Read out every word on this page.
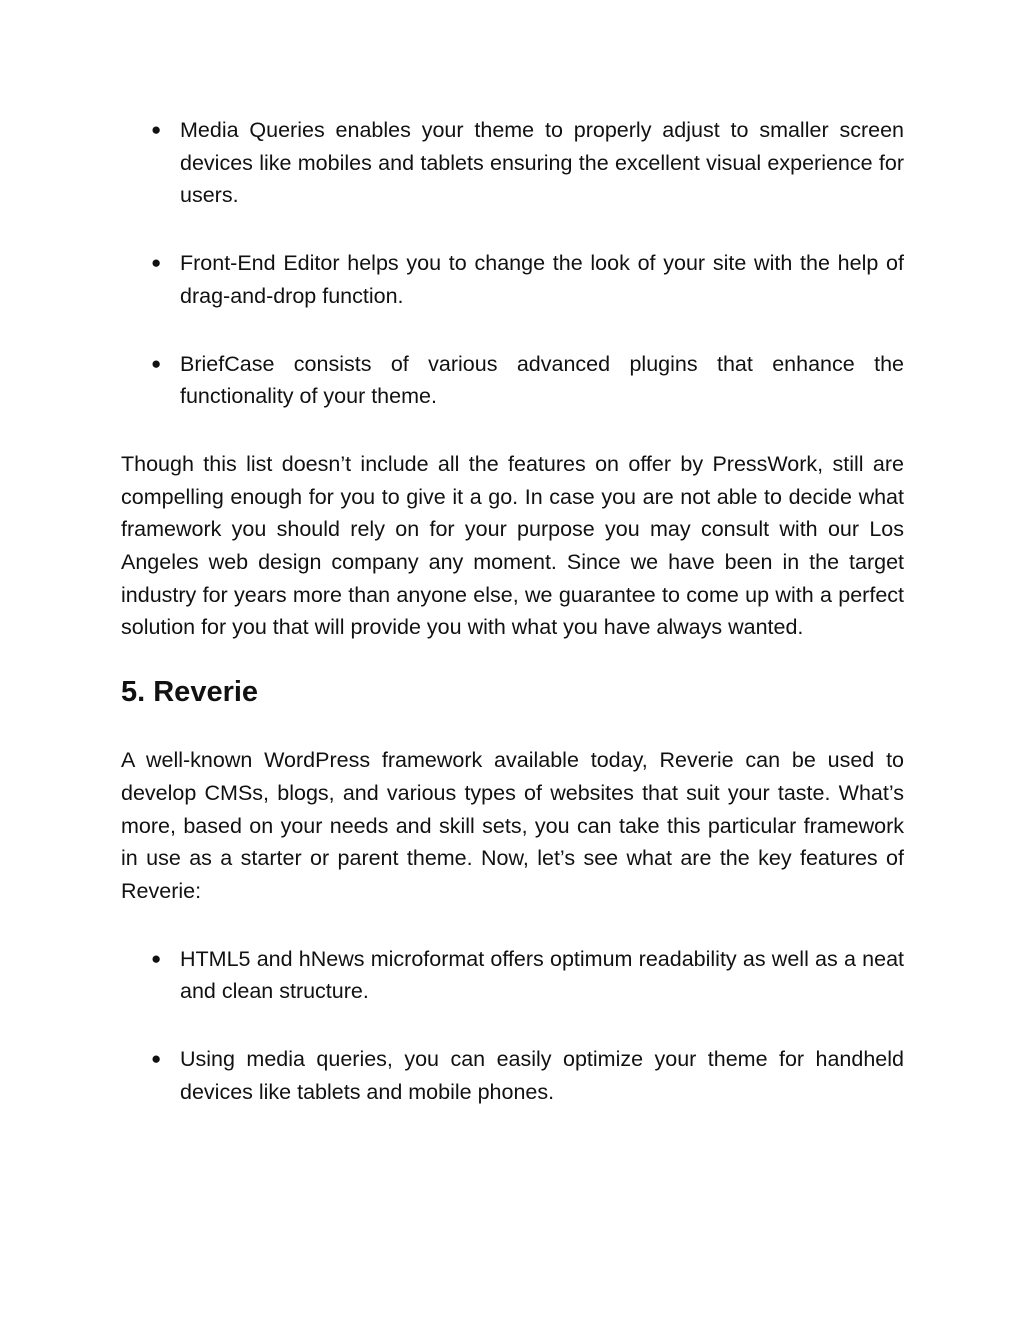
● Media Queries enables your theme to properly adjust to smaller screen devices like mobiles and tablets ensuring the excellent visual experience for users.
● Front-End Editor helps you to change the look of your site with the help of drag-and-drop function.
● BriefCase consists of various advanced plugins that enhance the functionality of your theme.

Though this list doesn’t include all the features on offer by PressWork, still are compelling enough for you to give it a go. In case you are not able to decide what framework you should rely on for your purpose you may consult with our Los Angeles web design company any moment. Since we have been in the target industry for years more than anyone else, we guarantee to come up with a perfect solution for you that will provide you with what you have always wanted.

5. Reverie

A well-known WordPress framework available today, Reverie can be used to develop CMSs, blogs, and various types of websites that suit your taste. What’s more, based on your needs and skill sets, you can take this particular framework in use as a starter or parent theme. Now, let’s see what are the key features of Reverie:

● HTML5 and hNews microformat offers optimum readability as well as a neat and clean structure.
● Using media queries, you can easily optimize your theme for handheld devices like tablets and mobile phones.
